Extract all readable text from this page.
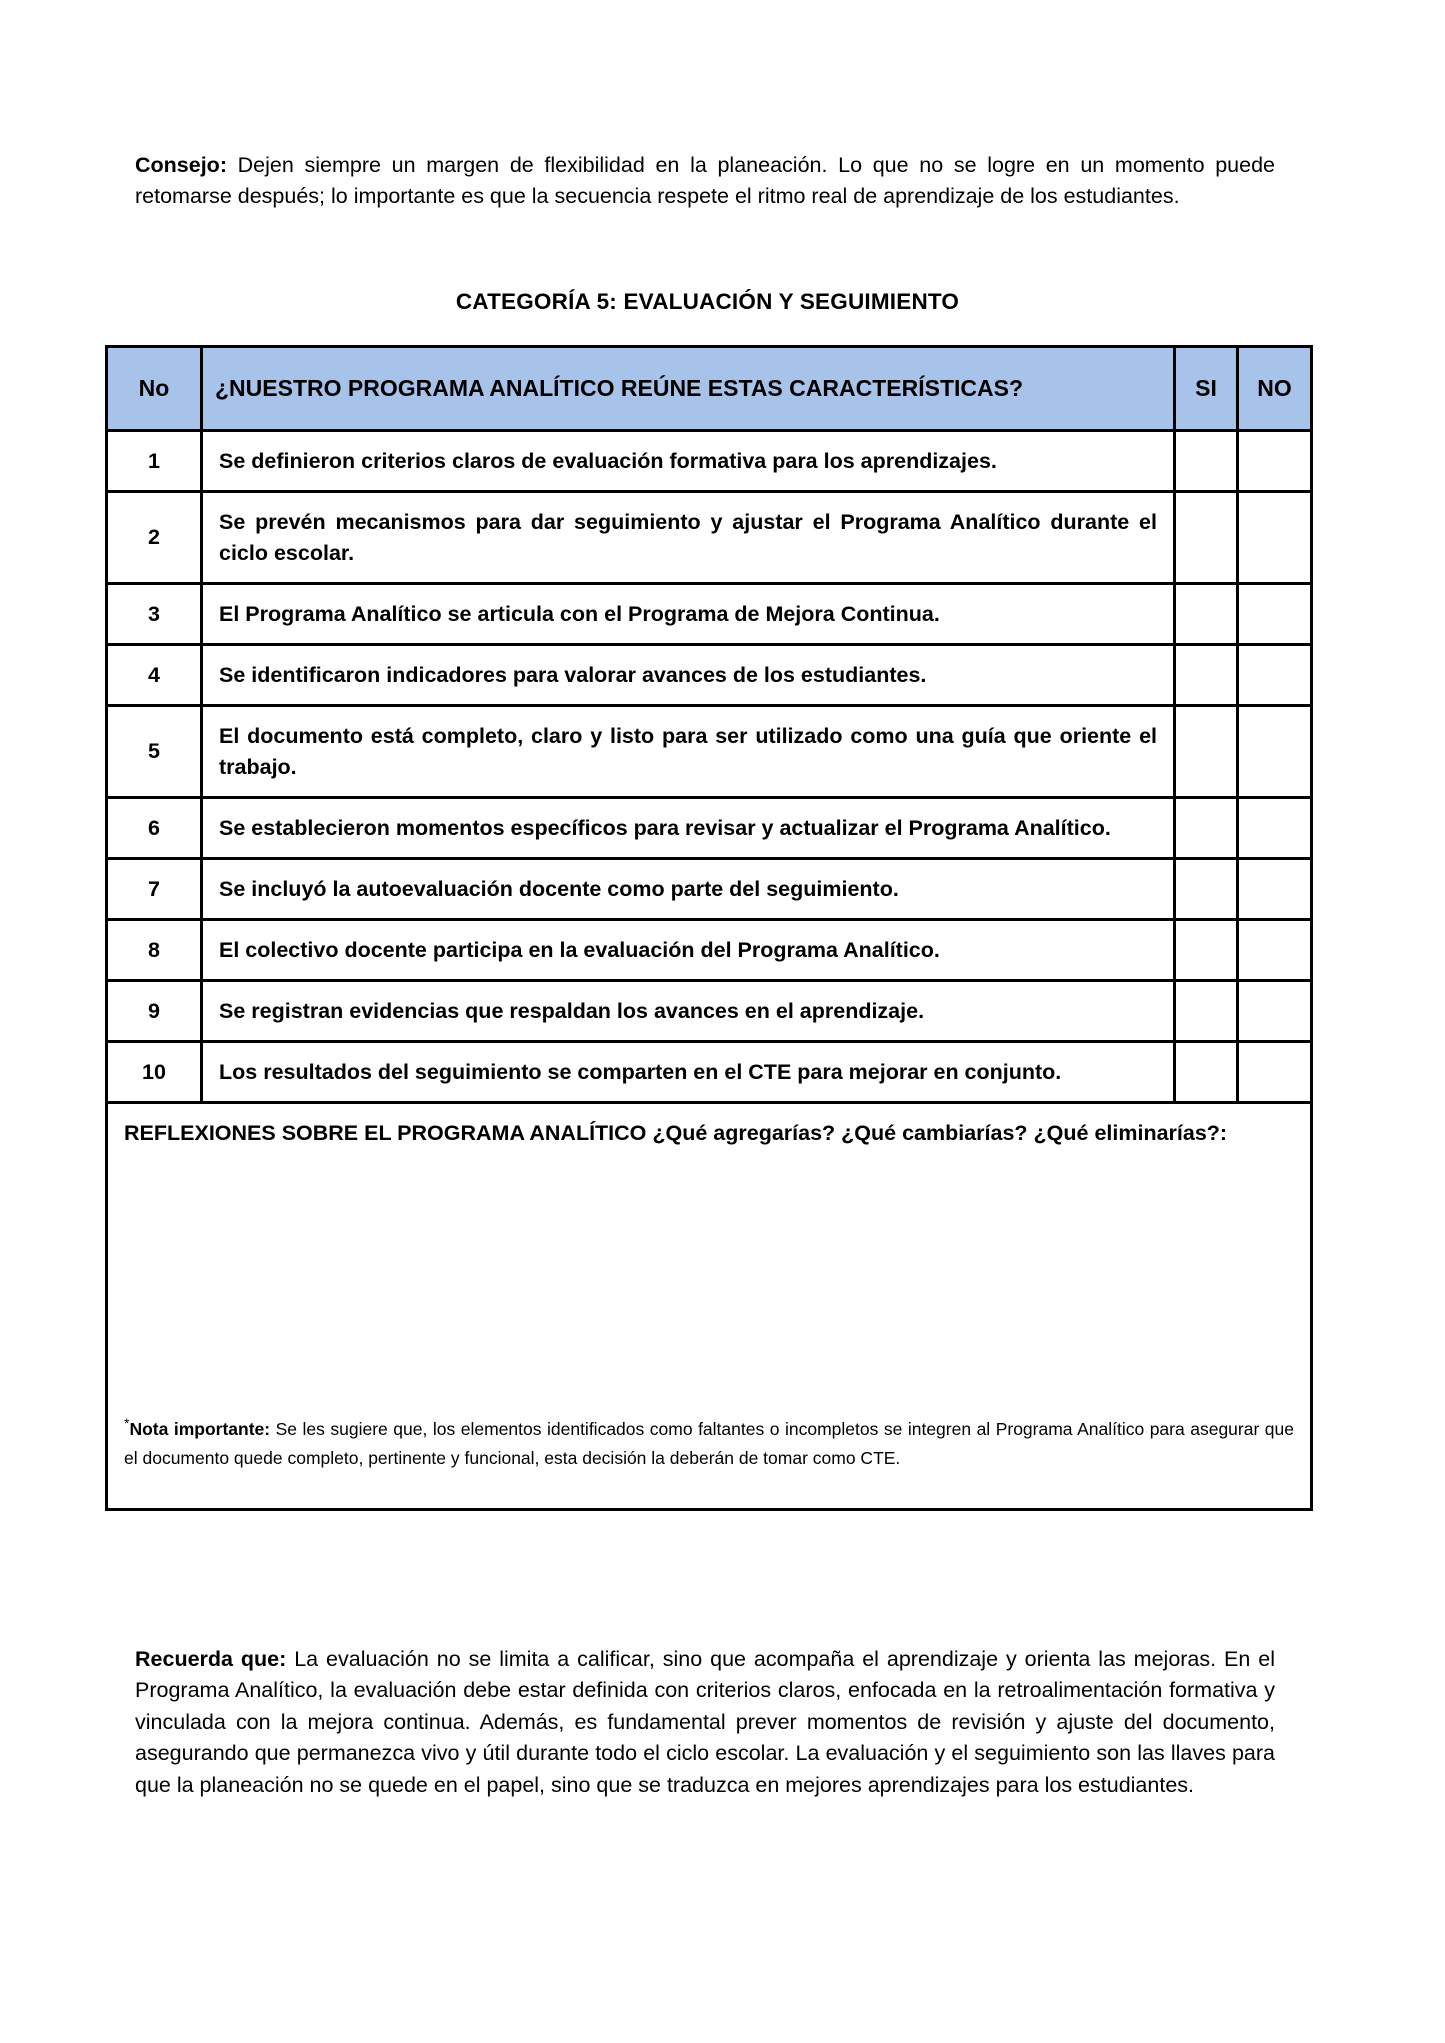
Consejo: Dejen siempre un margen de flexibilidad en la planeación. Lo que no se logre en un momento puede retomarse después; lo importante es que la secuencia respete el ritmo real de aprendizaje de los estudiantes.

CATEGORÍA 5: EVALUACIÓN Y SEGUIMIENTO
No	¿NUESTRO PROGRAMA ANALÍTICO REÚNE ESTAS CARACTERÍSTICAS?	SI	NO
1	Se definieron criterios claros de evaluación formativa para los aprendizajes.		
2	Se prevén mecanismos para dar seguimiento y ajustar el Programa Analítico durante el ciclo escolar.		
3	El Programa Analítico se articula con el Programa de Mejora Continua.		
4	Se identificaron indicadores para valorar avances de los estudiantes.		
5	El documento está completo, claro y listo para ser utilizado como una guía que oriente el trabajo.		
6	Se establecieron momentos específicos para revisar y actualizar el Programa Analítico.		
7	Se incluyó la autoevaluación docente como parte del seguimiento.		
8	El colectivo docente participa en la evaluación del Programa Analítico.		
9	Se registran evidencias que respaldan los avances en el aprendizaje.		
10	Los resultados del seguimiento se comparten en el CTE para mejorar en conjunto.		

REFLEXIONES SOBRE EL PROGRAMA ANALÍTICO ¿Qué agregarías? ¿Qué cambiarías? ¿Qué eliminarías?:

*Nota importante: Se les sugiere que, los elementos identificados como faltantes o incompletos se integren al Programa Analítico para asegurar que el documento quede completo, pertinente y funcional, esta decisión la deberán de tomar como CTE.			

Recuerda que: La evaluación no se limita a calificar, sino que acompaña el aprendizaje y orienta las mejoras. En el Programa Analítico, la evaluación debe estar definida con criterios claros, enfocada en la retroalimentación formativa y vinculada con la mejora continua. Además, es fundamental prever momentos de revisión y ajuste del documento, asegurando que permanezca vivo y útil durante todo el ciclo escolar. La evaluación y el seguimiento son las llaves para que la planeación no se quede en el papel, sino que se traduzca en mejores aprendizajes para los estudiantes.
